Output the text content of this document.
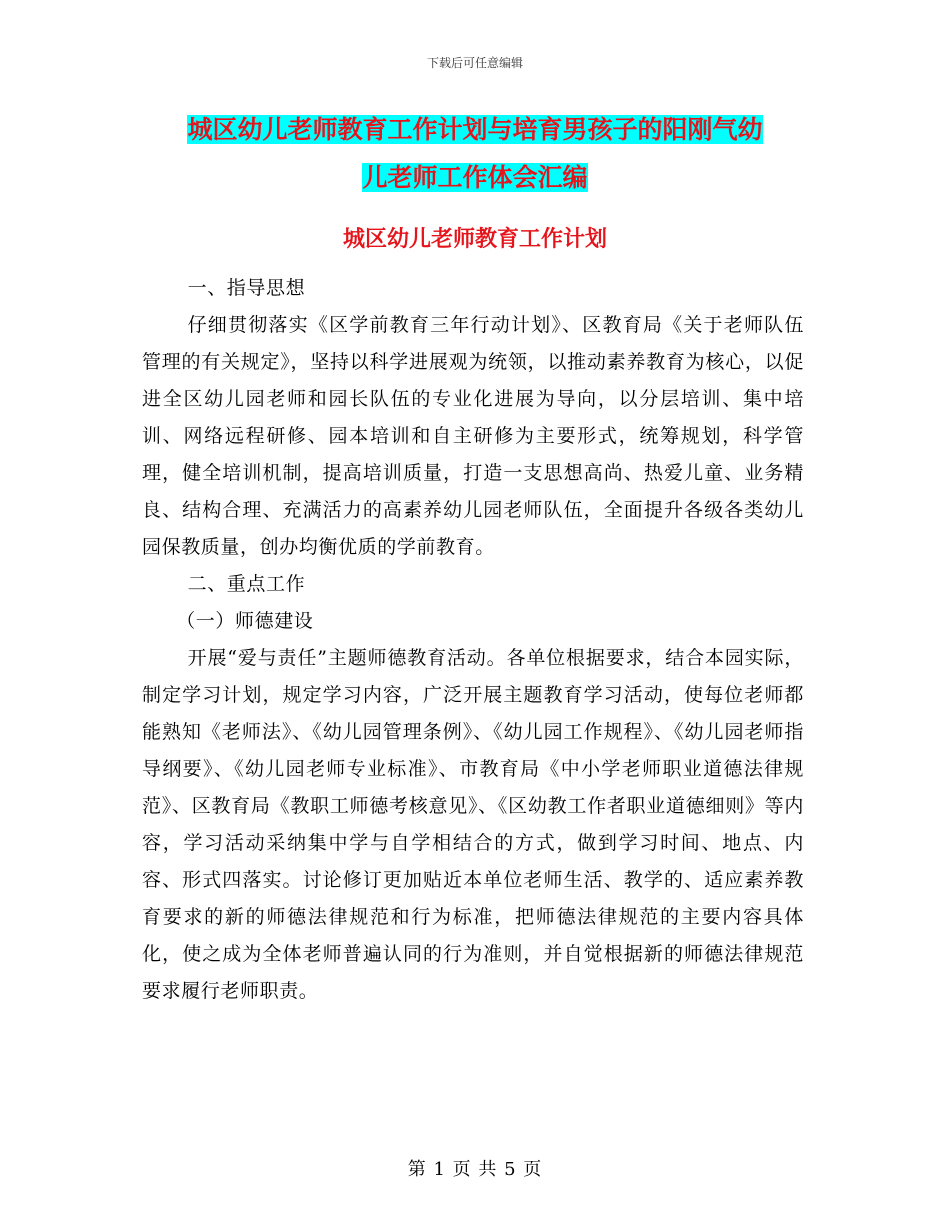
下载后可任意编辑
城区幼儿老师教育工作计划与培育男孩子的阳刚气幼
儿老师工作体会汇编
城区幼儿老师教育工作计划

一、指导思想

仔细贯彻落实《区学前教育三年行动计划》、区教育局《关于老师队伍管理的有关规定》，坚持以科学进展观为统领，以推动素养教育为核心，以促进全区幼儿园老师和园长队伍的专业化进展为导向，以分层培训、集中培训、网络远程研修、园本培训和自主研修为主要形式，统筹规划，科学管理，健全培训机制，提高培训质量，打造一支思想高尚、热爱儿童、业务精良、结构合理、充满活力的高素养幼儿园老师队伍，全面提升各级各类幼儿园保教质量，创办均衡优质的学前教育。

二、重点工作

（一）师德建设

开展“爱与责任”主题师德教育活动。各单位根据要求，结合本园实际，制定学习计划，规定学习内容，广泛开展主题教育学习活动，使每位老师都能熟知《老师法》、《幼儿园管理条例》、《幼儿园工作规程》、《幼儿园老师指导纲要》、《幼儿园老师专业标准》、市教育局《中小学老师职业道德法律规范》、区教育局《教职工师德考核意见》、《区幼教工作者职业道德细则》等内容，学习活动采纳集中学与自学相结合的方式，做到学习时间、地点、内容、形式四落实。讨论修订更加贴近本单位老师生活、教学的、适应素养教育要求的新的师德法律规范和行为标准，把师德法律规范的主要内容具体化，使之成为全体老师普遍认同的行为准则，并自觉根据新的师德法律规范要求履行老师职责。

第 1 页 共 5 页
